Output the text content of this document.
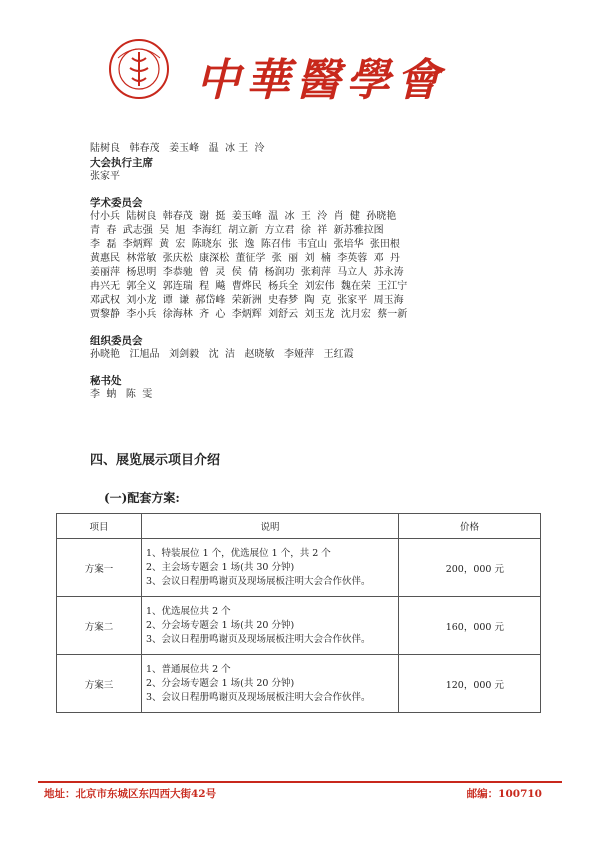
中華醫學會

陆树良   韩春茂   姜玉峰   温  冰 王  泠

大会执行主席

张家平

学术委员会

付小兵  陆树良  韩春茂  谢  挺  姜玉峰  温  冰  王  泠  肖  健  孙晓艳

青  春  武志强  吴  旭  李海红  胡立新  方立君  徐  祥  新苏雅拉图

李  磊  李炳辉  黄  宏  陈晓东  张  逸  陈召伟  韦宜山  张培华  张田根

黄惠民  林常敏  张庆松  康深松  董征学  张  丽  刘  楠  李英蓉  邓  丹

姜丽萍  杨思明  李恭驰  曾  灵  侯  倩  杨润功  张莉萍  马立人  苏永涛

冉兴无  郭全义  郭连瑞  程  飚  曹烨民  杨兵全  刘宏伟  魏在荣  王江宁

邓武权  刘小龙  谭  谦  郝岱峰  荣新洲  史春梦  陶  克  张家平  周玉海

贾黎静  李小兵  徐海林  齐  心  李炳辉  刘舒云  刘玉龙  沈月宏  蔡一新

组织委员会

孙晓艳   江旭品   刘剑毅   沈  洁   赵晓敏   李娅萍   王红霞

秘书处

李  蚋   陈  雯

四、展览展示项目介绍

(一)配套方案:

项目	说明	价格
方案一	1、特装展位 1 个，优选展位 1 个，共 2 个
2、主会场专题会 1 场(共 30 分钟)
3、会议日程册鸣谢页及现场展板注明大会合作伙伴。	200，000 元
方案二	1、优选展位共 2 个
2、分会场专题会 1 场(共 20 分钟)
3、会议日程册鸣谢页及现场展板注明大会合作伙伴。	160，000 元
方案三	1、普通展位共 2 个
2、分会场专题会 1 场(共 20 分钟)
3、会议日程册鸣谢页及现场展板注明大会合作伙伴。	120，000 元
地址：北京市东城区东四西大街42号	邮编：100710
